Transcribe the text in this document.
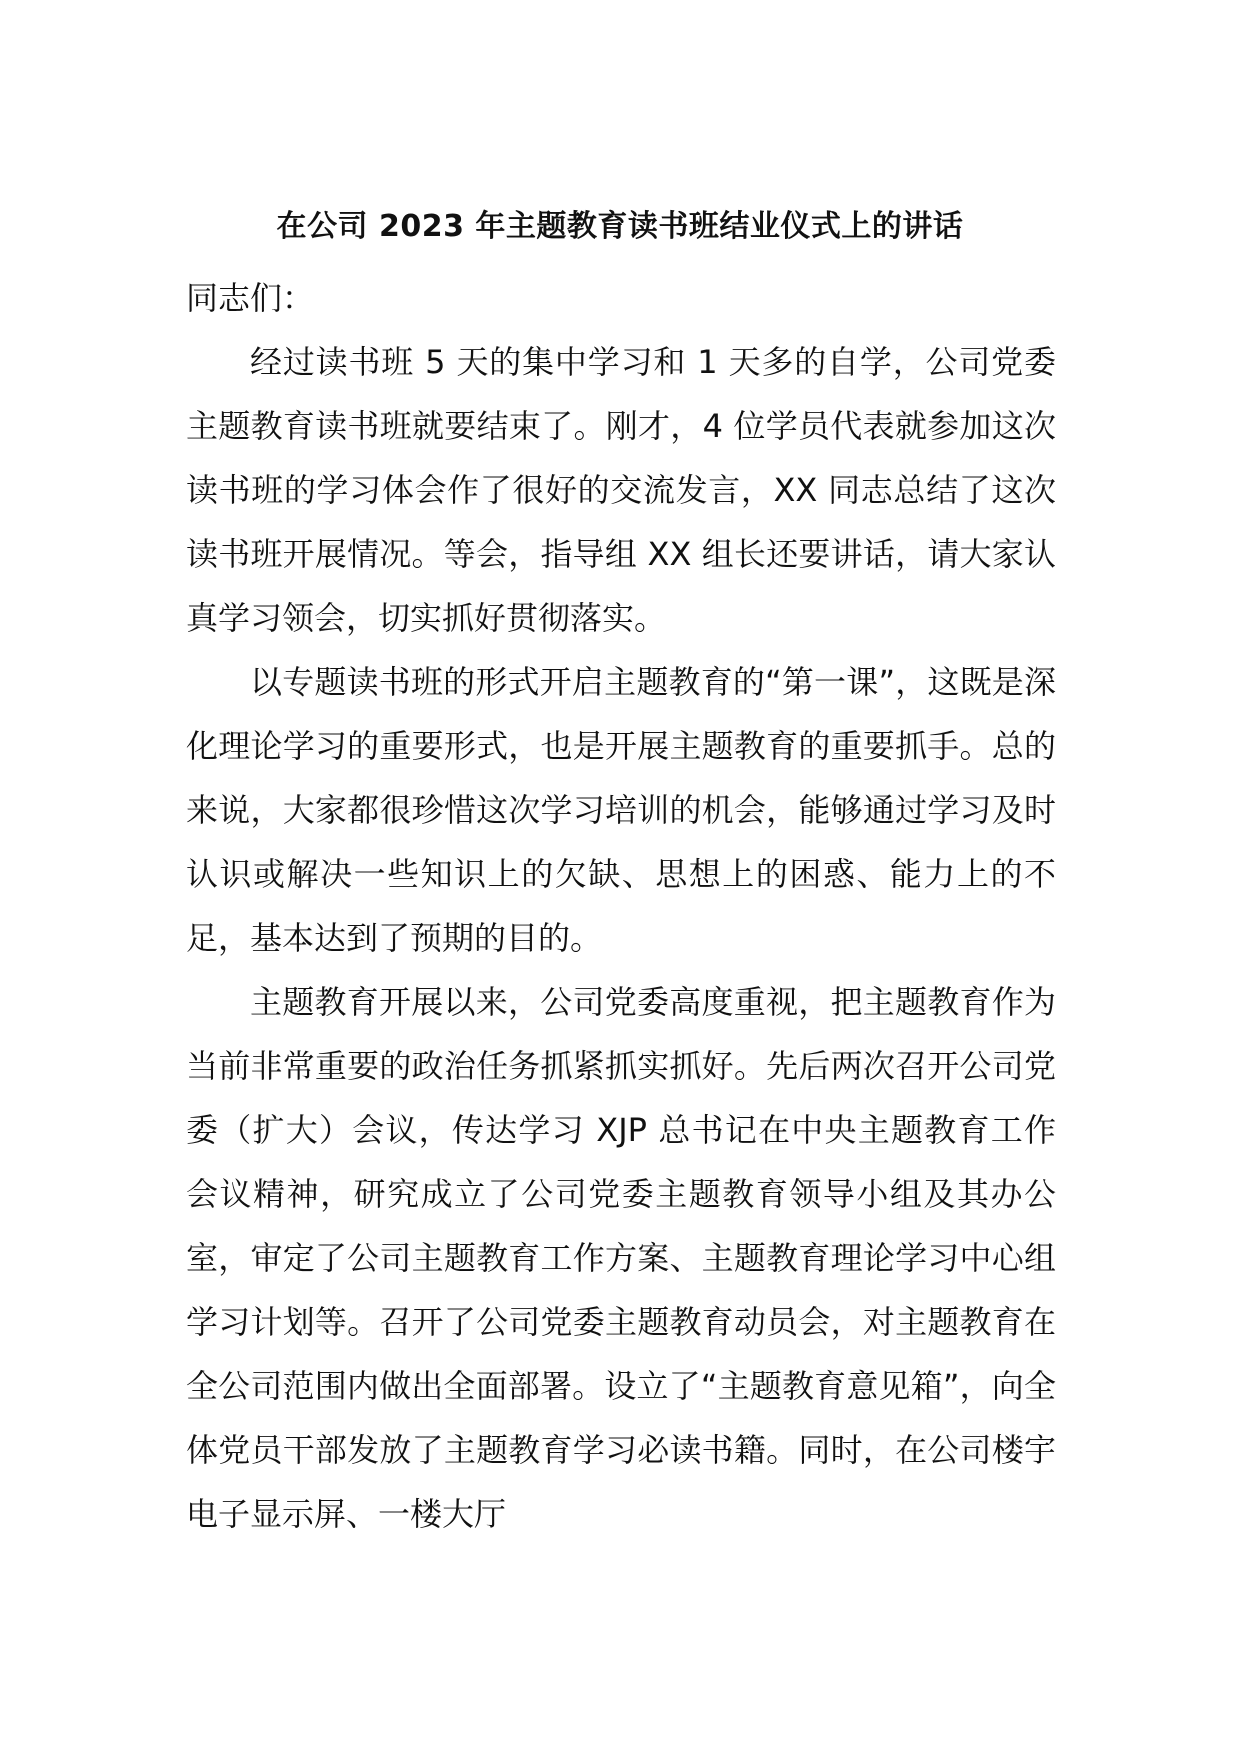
在公司 2023 年主题教育读书班结业仪式上的讲话

同志们：

经过读书班 5 天的集中学习和 1 天多的自学，公司党委主题教育读书班就要结束了。刚才，4 位学员代表就参加这次读书班的学习体会作了很好的交流发言，XX 同志总结了这次读书班开展情况。等会，指导组 XX 组长还要讲话，请大家认真学习领会，切实抓好贯彻落实。

以专题读书班的形式开启主题教育的“第一课”，这既是深化理论学习的重要形式，也是开展主题教育的重要抓手。总的来说，大家都很珍惜这次学习培训的机会，能够通过学习及时认识或解决一些知识上的欠缺、思想上的困惑、能力上的不足，基本达到了预期的目的。

主题教育开展以来，公司党委高度重视，把主题教育作为当前非常重要的政治任务抓紧抓实抓好。先后两次召开公司党委（扩大）会议，传达学习 XJP 总书记在中央主题教育工作会议精神，研究成立了公司党委主题教育领导小组及其办公室，审定了公司主题教育工作方案、主题教育理论学习中心组学习计划等。召开了公司党委主题教育动员会，对主题教育在全公司范围内做出全面部署。设立了“主题教育意见箱”，向全体党员干部发放了主题教育学习必读书籍。同时，在公司楼宇电子显示屏、一楼大厅
